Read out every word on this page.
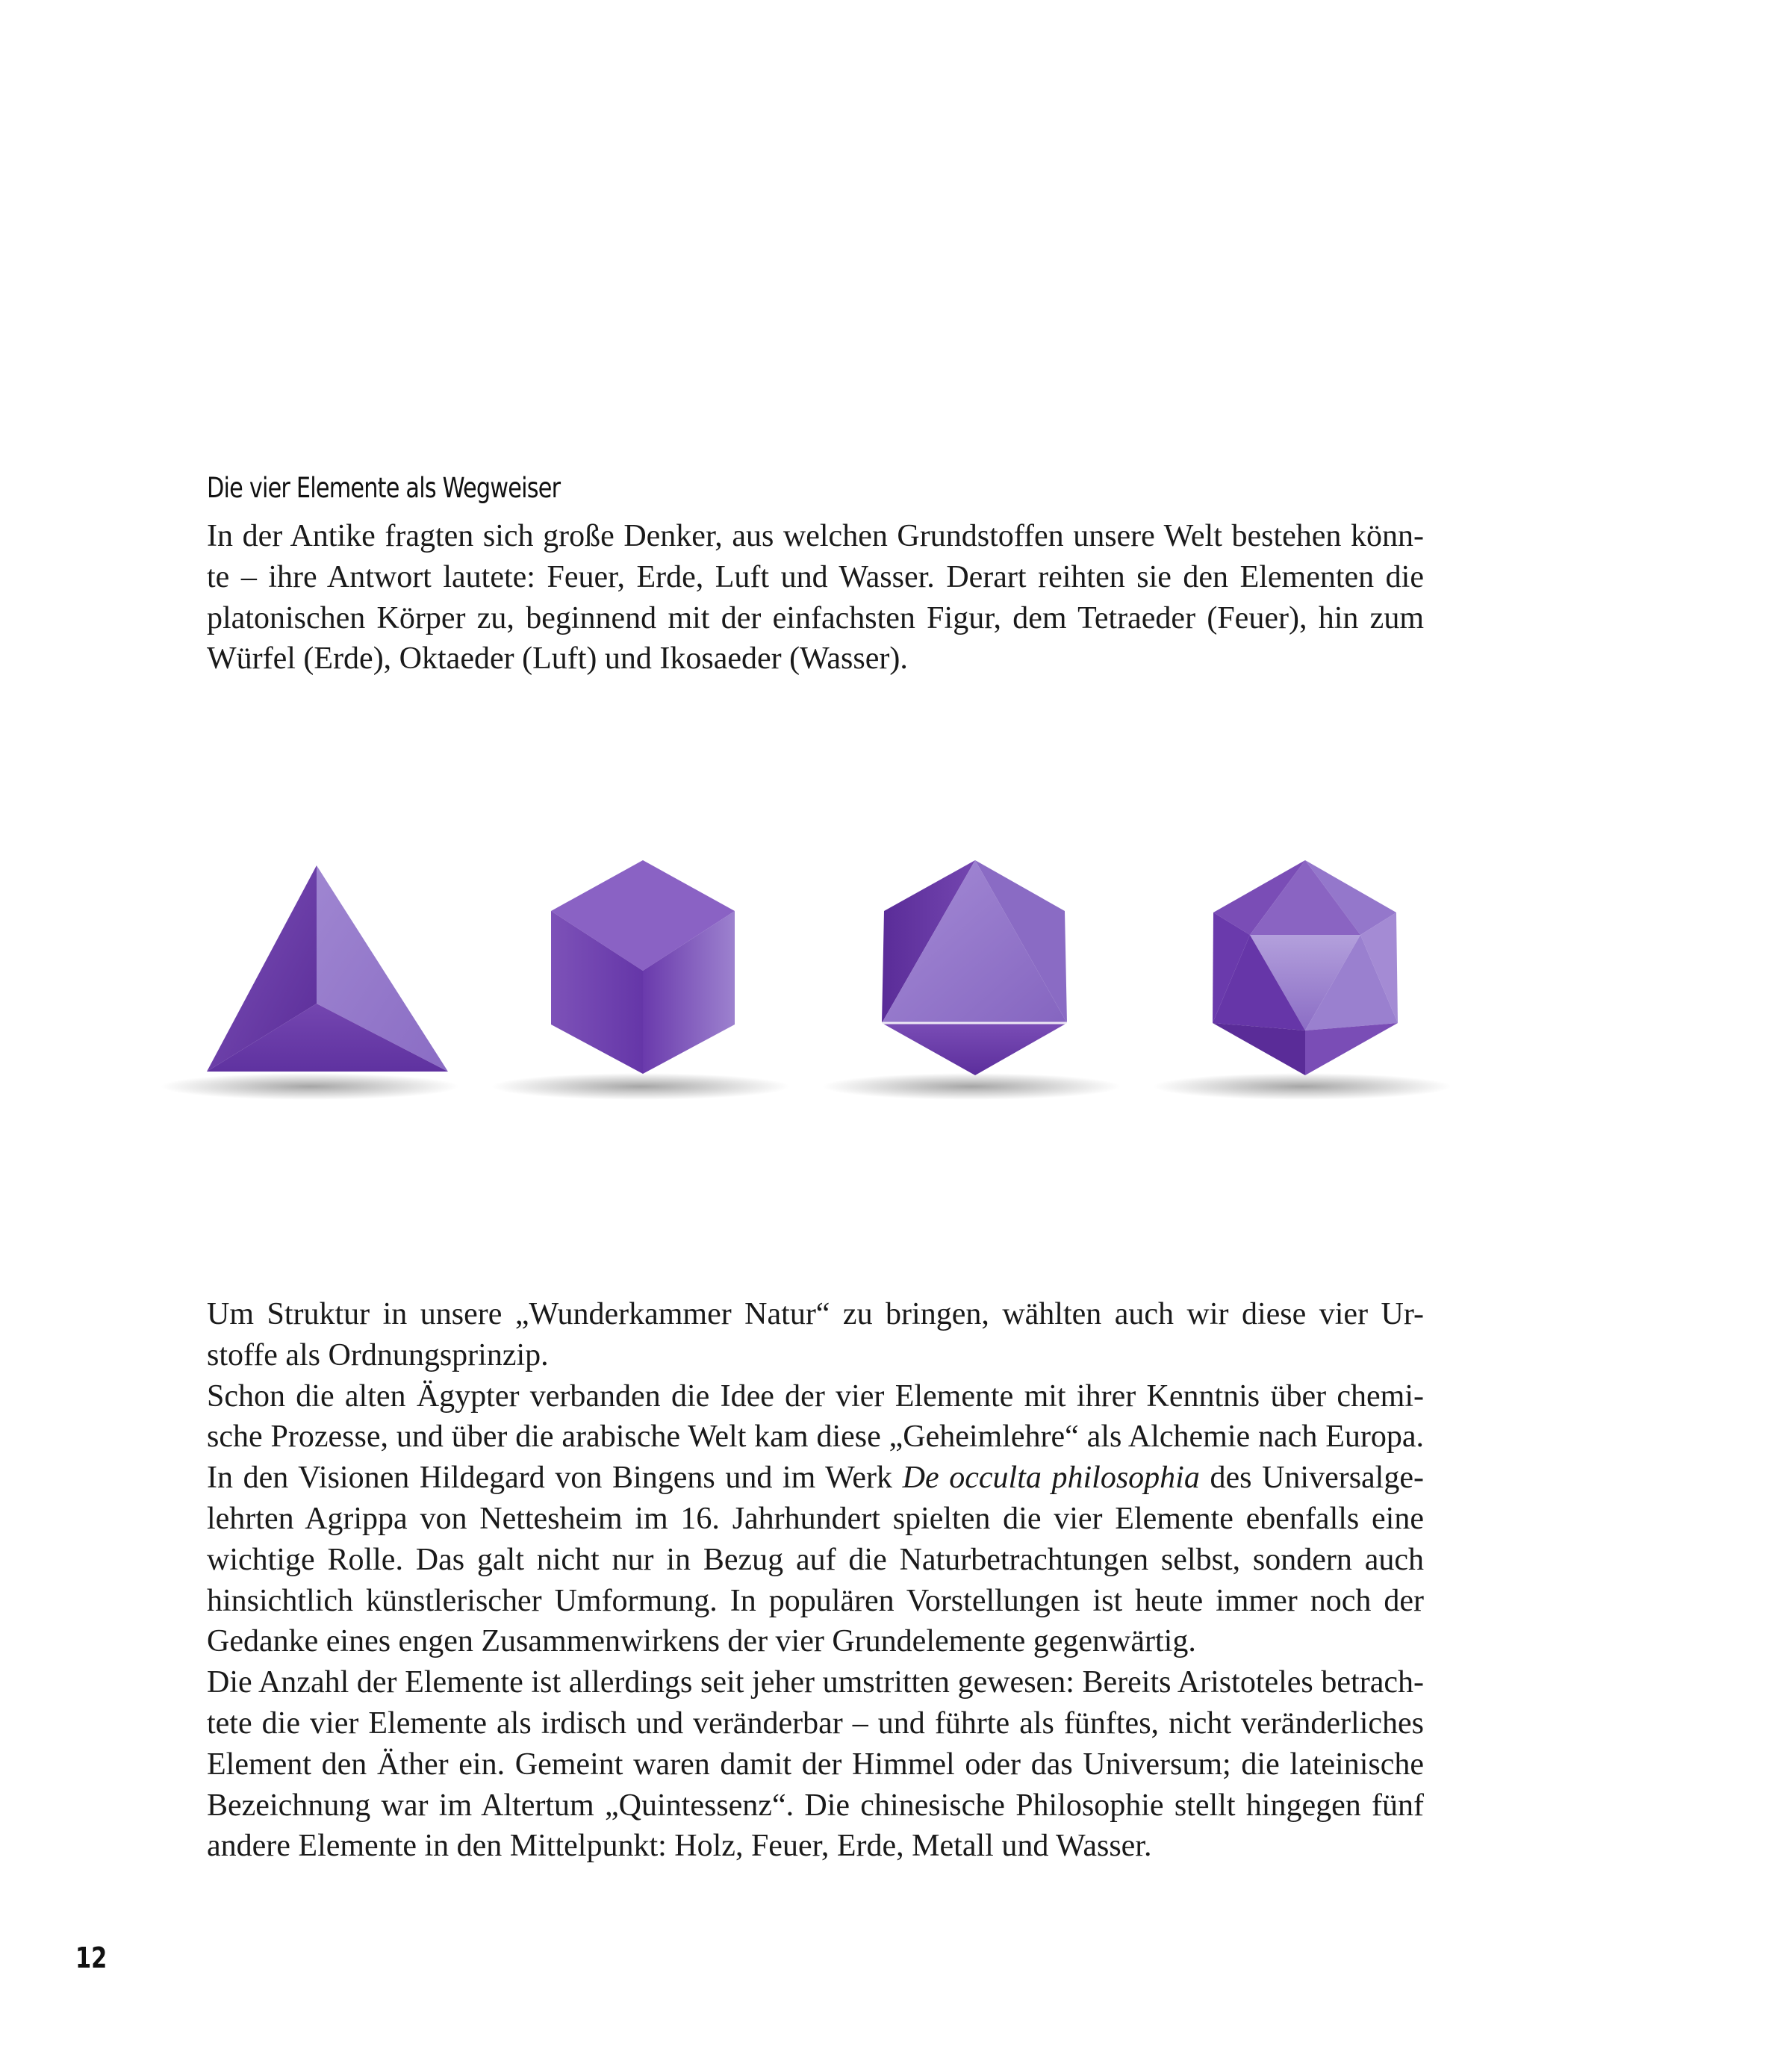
Die vier Elemente als Wegweiser
In der Antike fragten sich große Denker, aus welchen Grundstoffen unsere Welt bestehen könn-
te – ihre Antwort lautete: Feuer, Erde, Luft und Wasser. Derart reihten sie den Elementen die
platonischen Körper zu, beginnend mit der einfachsten Figur, dem Tetraeder (Feuer), hin zum
Würfel (Erde), Oktaeder (Luft) und Ikosaeder (Wasser).
Um Struktur in unsere „Wunderkammer Natur“ zu bringen, wählten auch wir diese vier Ur-
stoffe als Ordnungsprinzip.
Schon die alten Ägypter verbanden die Idee der vier Elemente mit ihrer Kenntnis über chemi-
sche Prozesse, und über die arabische Welt kam diese „Geheimlehre“ als Alchemie nach Europa.
In den Visionen Hildegard von Bingens und im Werk De occulta philosophia des Universalge-
lehrten Agrippa von Nettesheim im 16. Jahrhundert spielten die vier Elemente ebenfalls eine
wichtige Rolle. Das galt nicht nur in Bezug auf die Naturbetrachtungen selbst, sondern auch
hinsichtlich künstlerischer Umformung. In populären Vorstellungen ist heute immer noch der
Gedanke eines engen Zusammenwirkens der vier Grundelemente gegenwärtig.
Die Anzahl der Elemente ist allerdings seit jeher umstritten gewesen: Bereits Aristoteles betrach-
tete die vier Elemente als irdisch und veränderbar – und führte als fünftes, nicht veränderliches
Element den Äther ein. Gemeint waren damit der Himmel oder das Universum; die lateinische
Bezeichnung war im Altertum „Quintessenz“. Die chinesische Philosophie stellt hingegen fünf
andere Elemente in den Mittelpunkt: Holz, Feuer, Erde, Metall und Wasser.
12
